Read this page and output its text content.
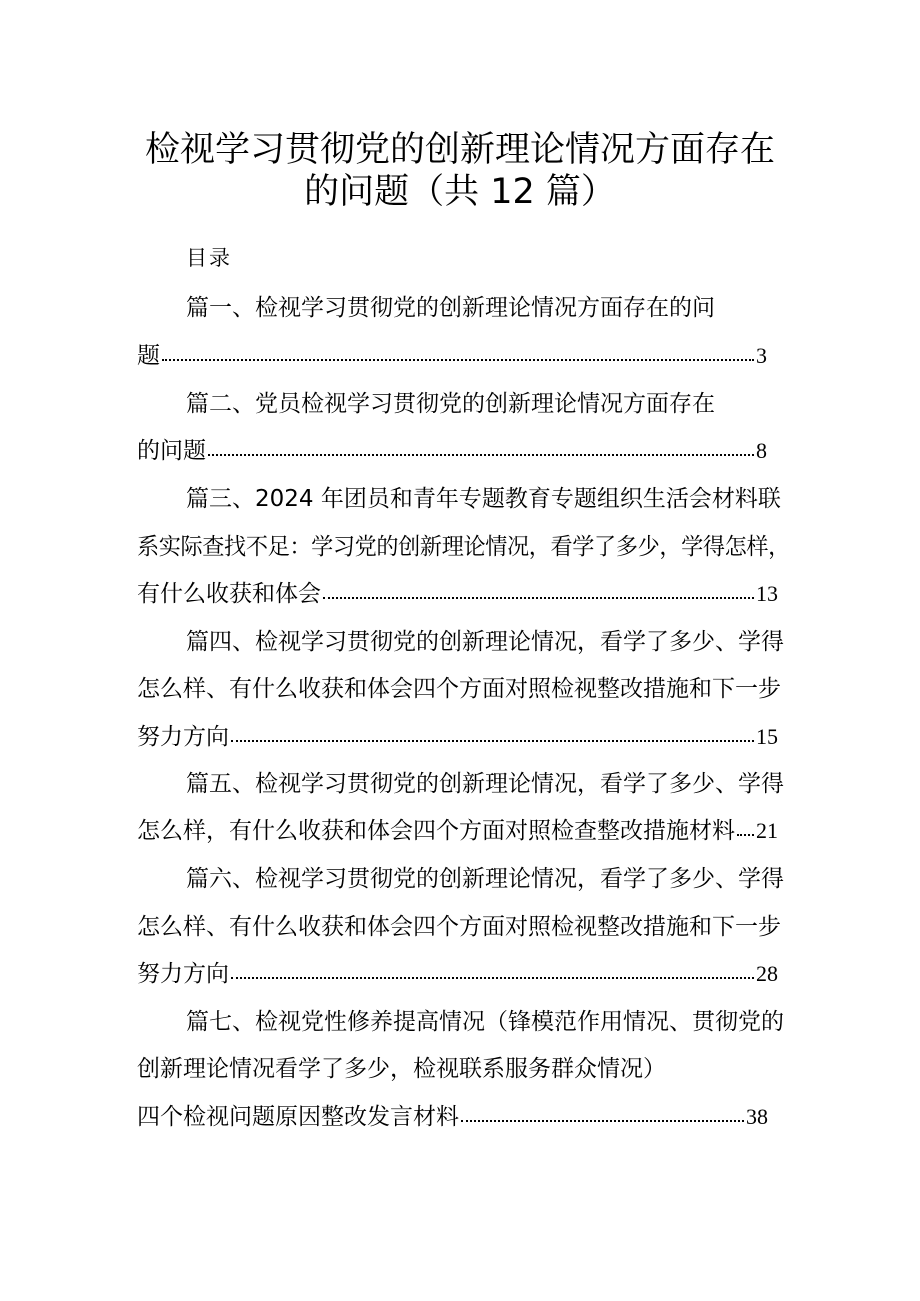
检视学习贯彻党的创新理论情况方面存在
的问题（共 12 篇）
目录
篇一、检视学习贯彻党的创新理论情况方面存在的问
题	3
篇二、党员检视学习贯彻党的创新理论情况方面存在
的问题	8
篇三、2024 年团员和青年专题教育专题组织生活会材料联
系实际查找不足：学习党的创新理论情况，看学了多少，学得怎样，
有什么收获和体会	13
篇四、检视学习贯彻党的创新理论情况，看学了多少、学得
怎么样、有什么收获和体会四个方面对照检视整改措施和下一步
努力方向	15
篇五、检视学习贯彻党的创新理论情况，看学了多少、学得
怎么样，有什么收获和体会四个方面对照检查整改措施材料 21
篇六、检视学习贯彻党的创新理论情况，看学了多少、学得
怎么样、有什么收获和体会四个方面对照检视整改措施和下一步
努力方向	28
篇七、检视党性修养提高情况（锋模范作用情况、贯彻党的
创新理论情况看学了多少，检视联系服务群众情况）
四个检视问题原因整改发言材料	38
